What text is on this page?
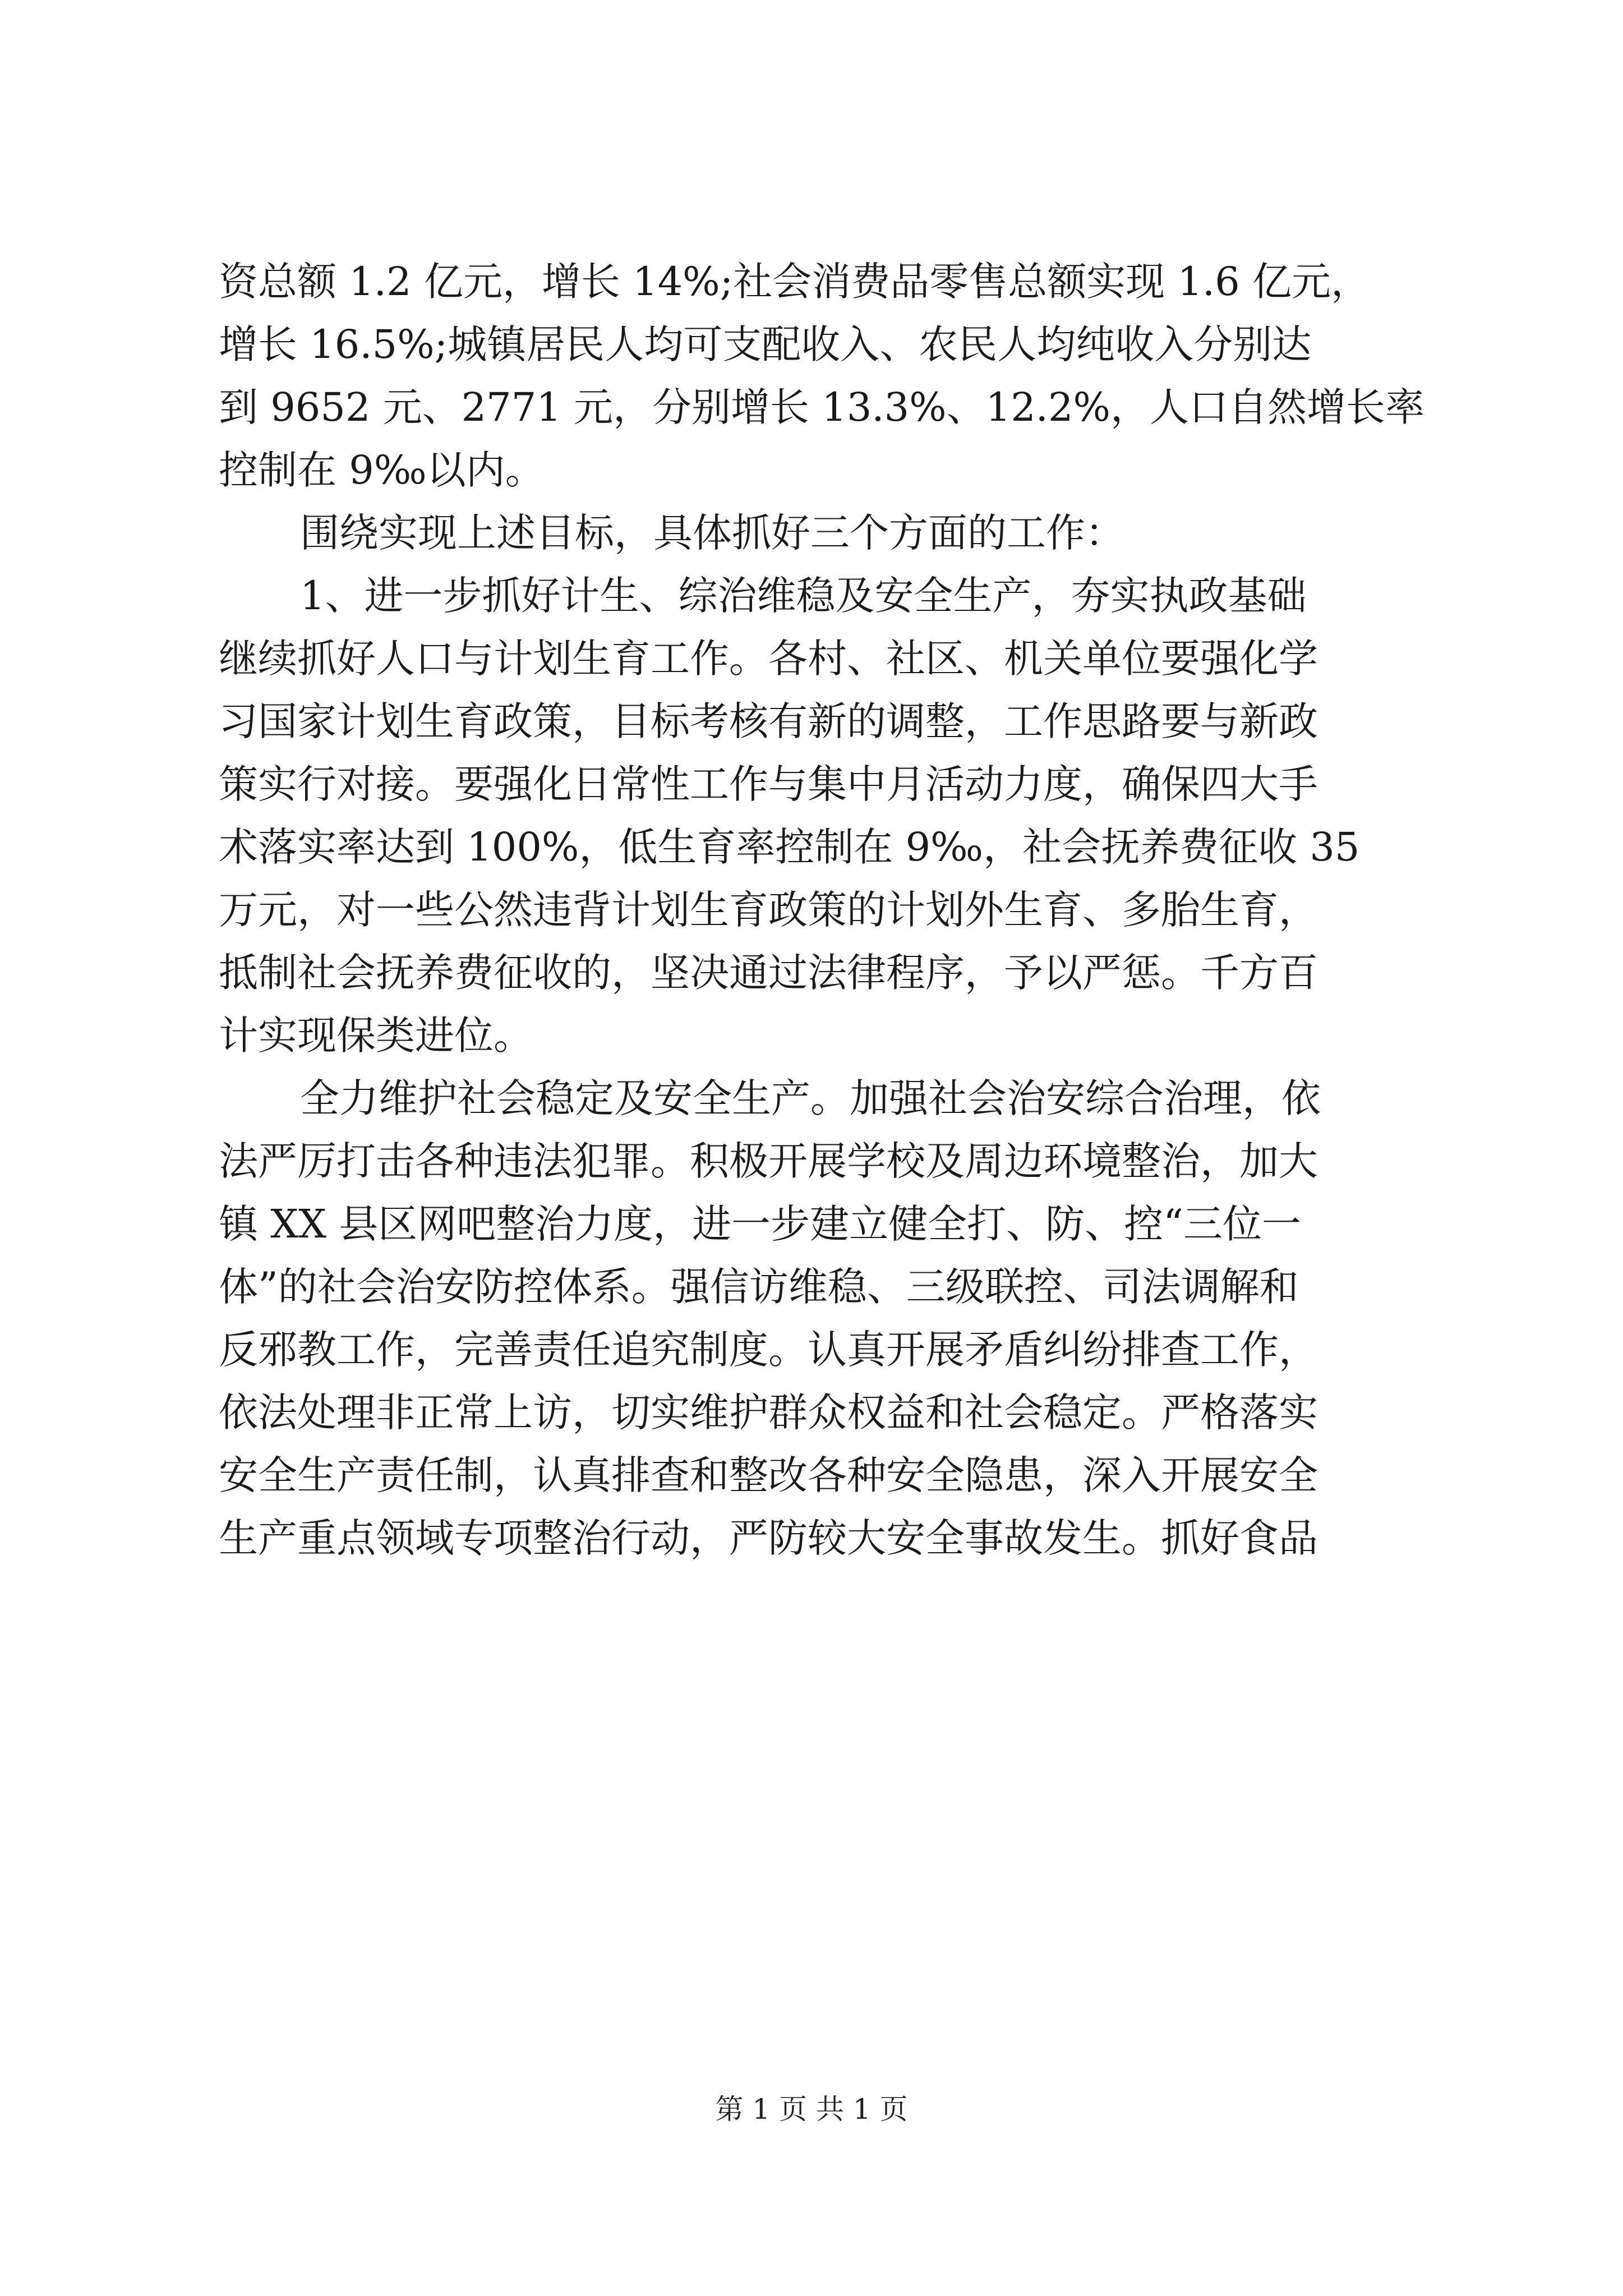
资总额 1.2 亿元，增长 14%;社会消费品零售总额实现 1.6 亿元，
增长 16.5%;城镇居民人均可支配收入、农民人均纯收入分别达
到 9652 元、2771 元，分别增长 13.3%、12.2%，人口自然增长率
控制在 9‰以内。
围绕实现上述目标，具体抓好三个方面的工作：
1、进一步抓好计生、综治维稳及安全生产，夯实执政基础
继续抓好人口与计划生育工作。各村、社区、机关单位要强化学
习国家计划生育政策，目标考核有新的调整，工作思路要与新政
策实行对接。要强化日常性工作与集中月活动力度，确保四大手
术落实率达到 100%，低生育率控制在 9‰，社会抚养费征收 35
万元，对一些公然违背计划生育政策的计划外生育、多胎生育，
抵制社会抚养费征收的，坚决通过法律程序，予以严惩。千方百
计实现保类进位。
全力维护社会稳定及安全生产。加强社会治安综合治理，依
法严厉打击各种违法犯罪。积极开展学校及周边环境整治，加大
镇 XX 县区网吧整治力度，进一步建立健全打、防、控“三位一
体”的社会治安防控体系。强信访维稳、三级联控、司法调解和
反邪教工作，完善责任追究制度。认真开展矛盾纠纷排查工作，
依法处理非正常上访，切实维护群众权益和社会稳定。严格落实
安全生产责任制，认真排查和整改各种安全隐患，深入开展安全
生产重点领域专项整治行动，严防较大安全事故发生。抓好食品
第 1 页 共 1 页
